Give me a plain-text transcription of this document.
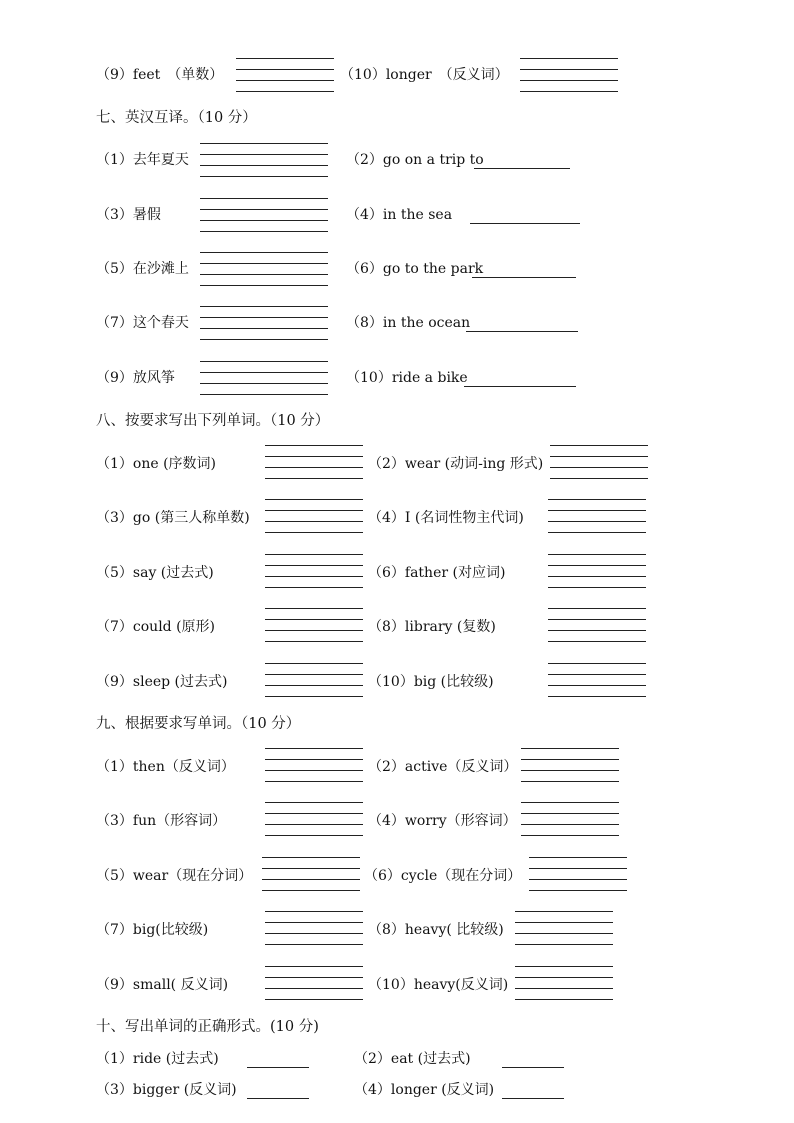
（9）feet　（单数）	（10）longer　（反义词）
七、英汉互译。（10 分）
（1）去年夏天	（2）go on a trip to
（3）暑假	（4）in the sea
（5）在沙滩上	（6）go to the park
（7）这个春天	（8）in the ocean
（9）放风筝	（10）ride a bike
八、按要求写出下列单词。（10 分）
（1）one (序数词)	（2）wear (动词-ing 形式)
（3）go (第三人称单数)	（4）I (名词性物主代词)
（5）say (过去式)	（6）father (对应词)
（7）could (原形)	（8）library (复数)
（9）sleep (过去式)	（10）big (比较级)
九、根据要求写单词。（10 分）
（1）then（反义词）	（2）active（反义词）
（3）fun（形容词）	（4）worry（形容词）
（5）wear（现在分词）	（6）cycle（现在分词）
（7）big(比较级)	（8）heavy( 比较级)
（9）small( 反义词)	（10）heavy(反义词)
十、写出单词的正确形式。(10 分)
（1）ride (过去式)	（2）eat (过去式)
（3）bigger (反义词)	（4）longer (反义词)
